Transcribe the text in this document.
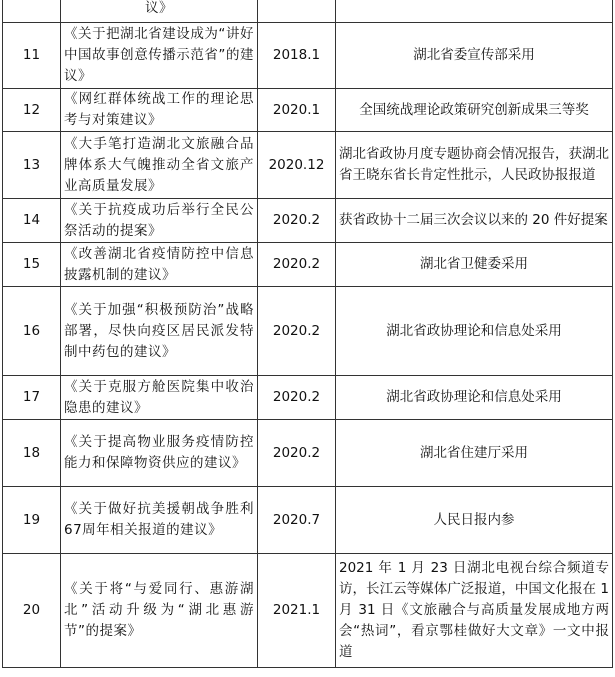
	议》		
11	《关于把湖北省建设成为“讲好中国故事创意传播示范省”的建议》	2018.1	湖北省委宣传部采用
12	《网红群体统战工作的理论思考与对策建议》	2020.1	全国统战理论政策研究创新成果三等奖
13	《大手笔打造湖北文旅融合品牌体系大气魄推动全省文旅产业高质量发展》	2020.12	湖北省政协月度专题协商会情况报告，获湖北省王晓东省长肯定性批示，人民政协报报道
14	《关于抗疫成功后举行全民公祭活动的提案》	2020.2	获省政协十二届三次会议以来的 20 件好提案
15	《改善湖北省疫情防控中信息披露机制的建议》	2020.2	湖北省卫健委采用
16	《关于加强“积极预防治”战略部署，尽快向疫区居民派发特制中药包的建议》	2020.2	湖北省政协理论和信息处采用
17	《关于克服方舱医院集中收治隐患的建议》	2020.2	湖北省政协理论和信息处采用
18	《关于提高物业服务疫情防控能力和保障物资供应的建议》	2020.2	湖北省住建厅采用
19	《关于做好抗美援朝战争胜利67周年相关报道的建议》	2020.7	人民日报内参
20	《关于将“与爱同行、惠游湖北”活动升级为“湖北惠游节”的提案》	2021.1	2021 年 1 月 23 日湖北电视台综合频道专访，长江云等媒体广泛报道，中国文化报在 1 月 31 日《文旅融合与高质量发展成地方两会“热词”，看京鄂桂做好大文章》一文中报道
